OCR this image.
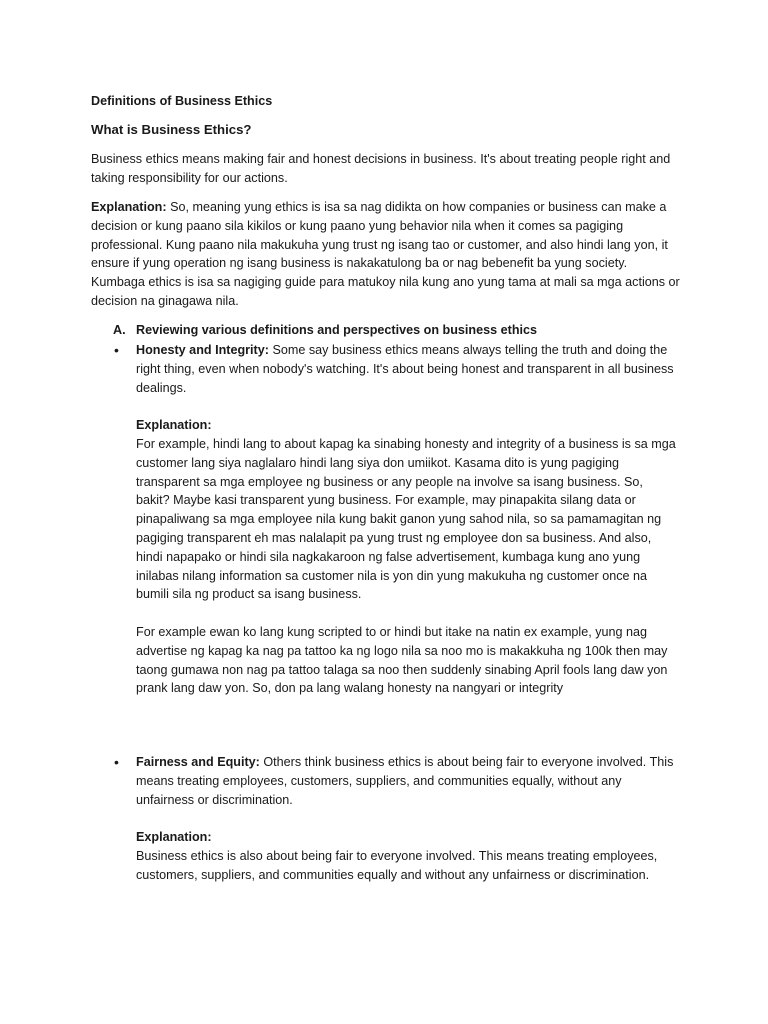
Definitions of Business Ethics

What is Business Ethics?

Business ethics means making fair and honest decisions in business. It's about treating people right and taking responsibility for our actions.

Explanation: So, meaning yung ethics is isa sa nag didikta on how companies or business can make a decision or kung paano sila kikilos or kung paano yung behavior nila when it comes sa pagiging professional. Kung paano nila makukuha yung trust ng isang tao or customer, and also hindi lang yon, it ensure if yung operation ng isang business is nakakatulong ba or nag bebenefit ba yung society. Kumbaga ethics is isa sa nagiging guide para matukoy nila kung ano yung tama at mali sa mga actions or decision na ginagawa nila.

A. Reviewing various definitions and perspectives on business ethics

•	Honesty and Integrity: Some say business ethics means always telling the truth and doing the right thing, even when nobody's watching. It's about being honest and transparent in all business dealings.

Explanation:
For example, hindi lang to about kapag ka sinabing honesty and integrity of a business is sa mga customer lang siya naglalaro hindi lang siya don umiikot. Kasama dito is yung pagiging transparent sa mga employee ng business or any people na involve sa isang business. So, bakit? Maybe kasi transparent yung business. For example, may pinapakita silang data or pinapaliwang sa mga employee nila kung bakit ganon yung sahod nila, so sa pamamagitan ng pagiging transparent eh mas nalalapit pa yung trust ng employee don sa business. And also, hindi napapako or hindi sila nagkakaroon ng false advertisement, kumbaga kung ano yung inilabas nilang information sa customer nila is yon din yung makukuha ng customer once na bumili sila ng product sa isang business.

For example ewan ko lang kung scripted to or hindi but itake na natin ex example, yung nag advertise ng kapag ka nag pa tattoo ka ng logo nila sa noo mo is makakkuha ng 100k then may taong gumawa non nag pa tattoo talaga sa noo then suddenly sinabing April fools lang daw yon prank lang daw yon. So, don pa lang walang honesty na nangyari or integrity

•	Fairness and Equity: Others think business ethics is about being fair to everyone involved. This means treating employees, customers, suppliers, and communities equally, without any unfairness or discrimination.

Explanation:
Business ethics is also about being fair to everyone involved. This means treating employees, customers, suppliers, and communities equally and without any unfairness or discrimination.
